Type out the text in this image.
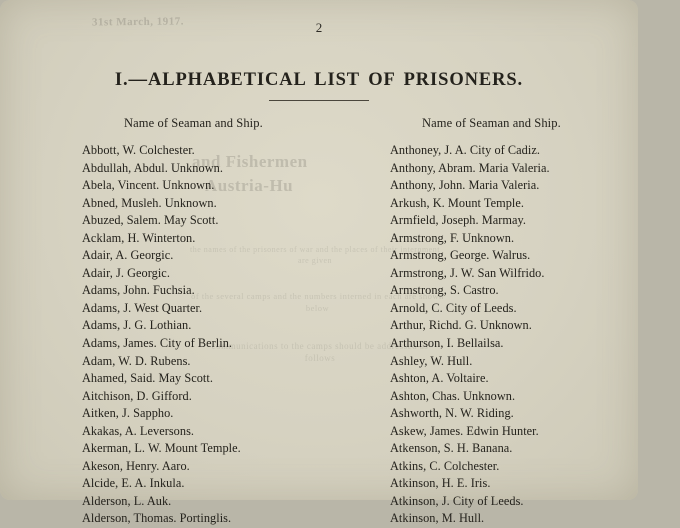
31st March, 1917.
and Fishermen
Austria-Hu
the names of the prisoners of war and the places of their internment are given
of the several camps and the numbers interned in each are shown below
communications to the camps should be addressed as follows
2
I.—ALPHABETICAL LIST OF PRISONERS.
Name of Seaman and Ship.
Abbott, W. Colchester.
Abdullah, Abdul. Unknown.
Abela, Vincent. Unknown.
Abned, Musleh. Unknown.
Abuzed, Salem. May Scott.
Acklam, H. Winterton.
Adair, A. Georgic.
Adair, J. Georgic.
Adams, John. Fuchsia.
Adams, J. West Quarter.
Adams, J. G. Lothian.
Adams, James. City of Berlin.
Adam, W. D. Rubens.
Ahamed, Said. May Scott.
Aitchison, D. Gifford.
Aitken, J. Sappho.
Akakas, A. Leversons.
Akerman, L. W. Mount Temple.
Akeson, Henry. Aaro.
Alcide, E. A. Inkula.
Alderson, L. Auk.
Alderson, Thomas. Portinglis.
Name of Seaman and Ship.
Anthoney, J. A. City of Cadiz.
Anthony, Abram. Maria Valeria.
Anthony, John. Maria Valeria.
Arkush, K. Mount Temple.
Armfield, Joseph. Marmay.
Armstrong, F. Unknown.
Armstrong, George. Walrus.
Armstrong, J. W. San Wilfrido.
Armstrong, S. Castro.
Arnold, C. City of Leeds.
Arthur, Richd. G. Unknown.
Arthurson, I. Bellailsa.
Ashley, W. Hull.
Ashton, A. Voltaire.
Ashton, Chas. Unknown.
Ashworth, N. W. Riding.
Askew, James. Edwin Hunter.
Atkenson, S. H. Banana.
Atkins, C. Colchester.
Atkinson, H. E. Iris.
Atkinson, J. City of Leeds.
Atkinson, M. Hull.
